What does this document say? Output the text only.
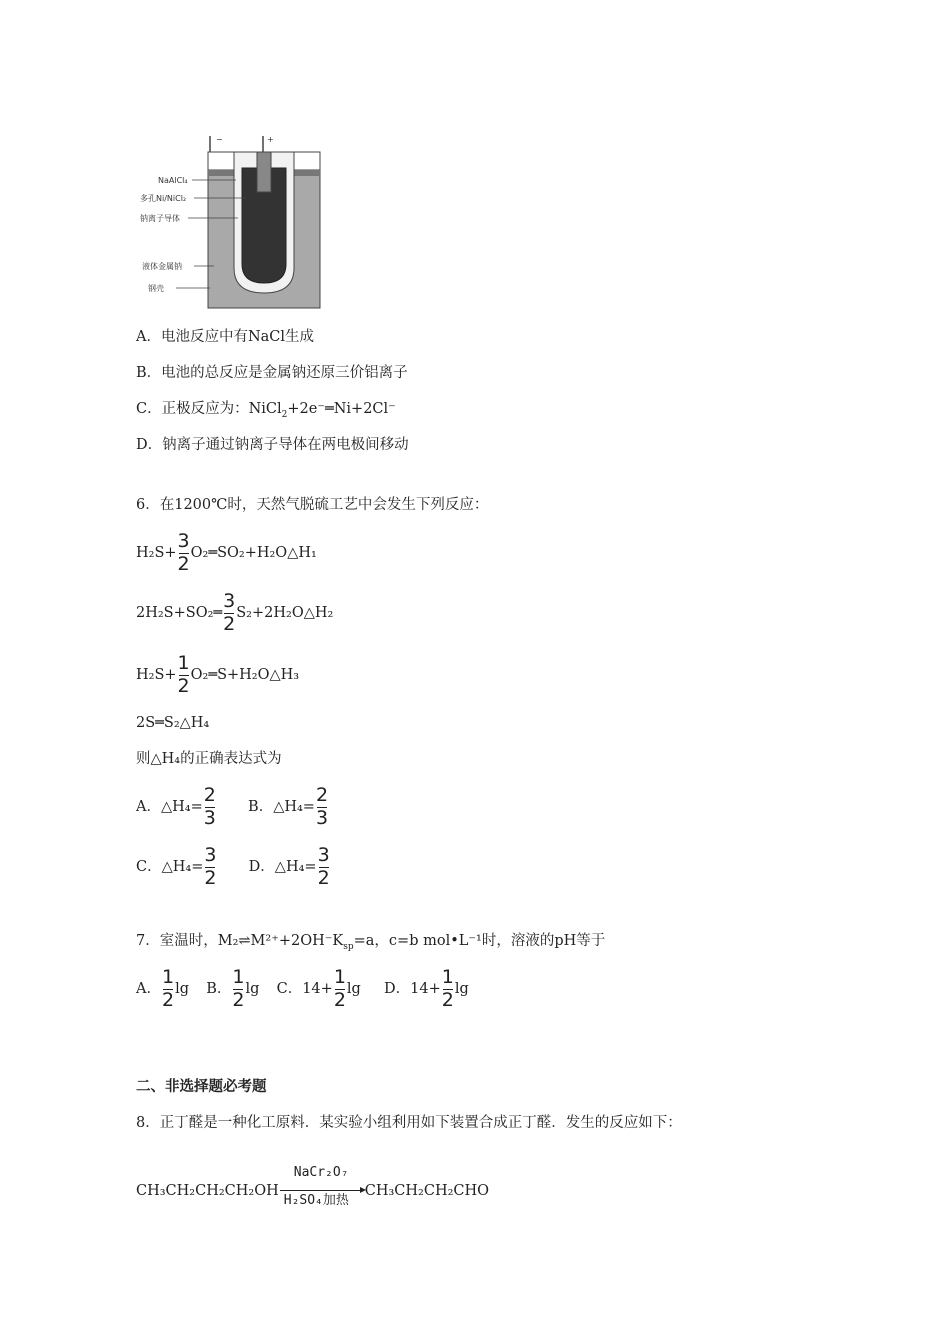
−	+
NaAlCl₄
多孔Ni/NiCl₂
钠离子导体
液体金属钠
钢壳
A．电池反应中有NaCl生成
B．电池的总反应是金属钠还原三价铝离子
C．正极反应为：NiCl$_2$+2e⁻═Ni+2Cl⁻
D．钠离子通过钠离子导体在两电极间移动
6．在1200℃时，天然气脱硫工艺中会发生下列反应：
$H_2S+ \frac{3}{2}$ O₂═SO₂+H₂O△H₁
2H₂S+SO₂═ $\frac{3}{2}$ S₂+2H₂O△H₂
$H_2S+ \frac{1}{2}$ O₂═S+H₂O△H₃
2S═S₂△H₄
则△H₄的正确表达式为
A．△H₄= $\frac{2}{3}$ B．△H₄= $\frac{2}{3}$
C．△H₄= $\frac{3}{2}$ D．△H₄= $\frac{3}{2}$
7．室温时，$M_2\rightleftharpoons M^{2+}+2OH^-K_{sp}=a$，c=b mol•L⁻¹时，溶液的pH等于
A． $\frac{1}{2}$ lg B． $\frac{1}{2}$ lg C．$14+ \frac{1}{2}$ lg D．$14+ \frac{1}{2}$ lg
二、非选择题必考题
8．正丁醛是一种化工原料．某实验小组利用如下装置合成正丁醛．发生的反应如下：
CH₃CH₂CH₂CH₂OH
NaCr₂O₇
H₂SO₄加热
CH₃CH₂CH₂CHO
